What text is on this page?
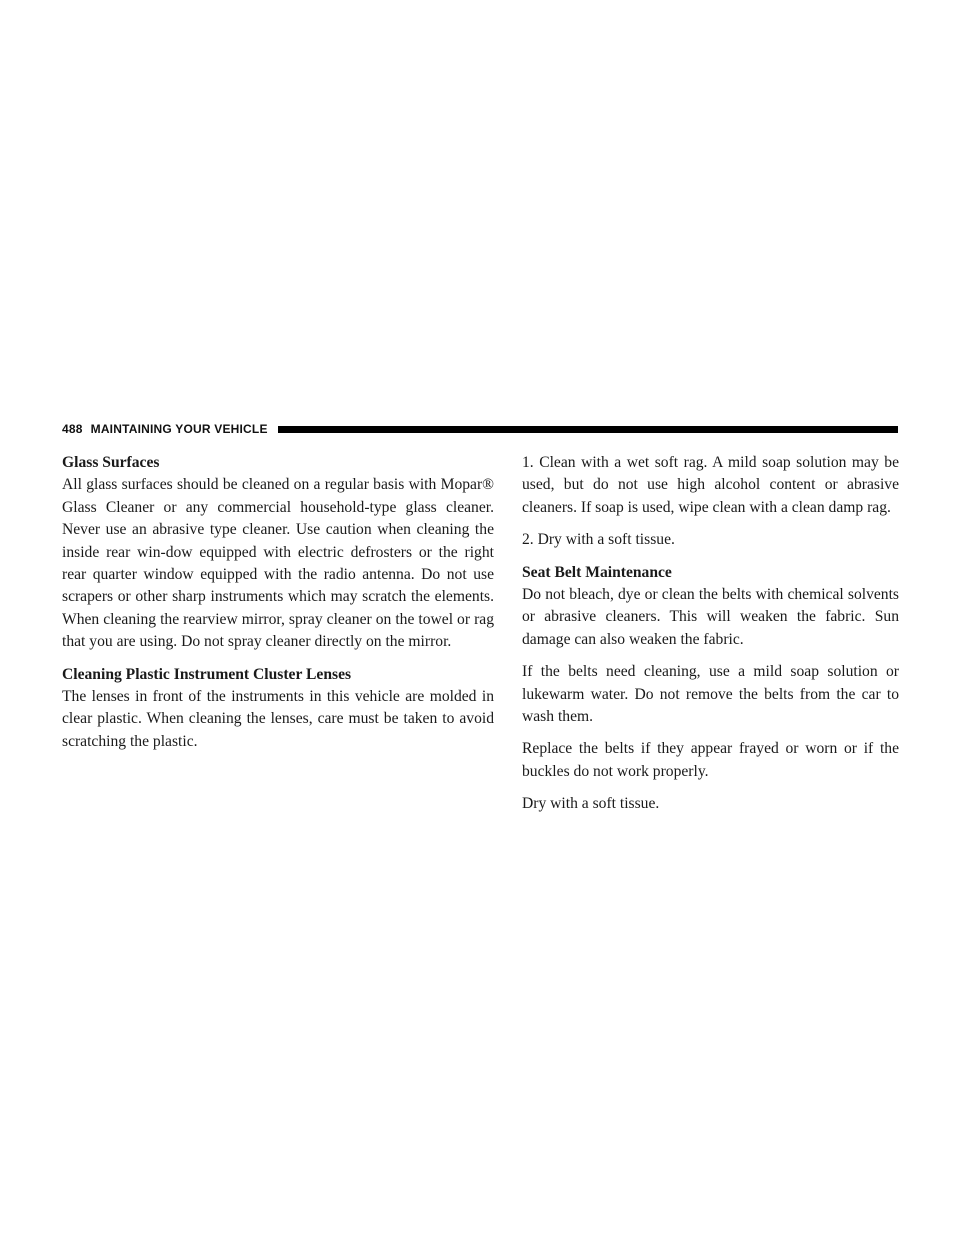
488 MAINTAINING YOUR VEHICLE

Glass Surfaces

All glass surfaces should be cleaned on a regular basis with Mopar® Glass Cleaner or any commercial household-type glass cleaner. Never use an abrasive type cleaner. Use caution when cleaning the inside rear win-dow equipped with electric defrosters or the right rear quarter window equipped with the radio antenna. Do not use scrapers or other sharp instruments which may scratch the elements. When cleaning the rearview mirror, spray cleaner on the towel or rag that you are using. Do not spray cleaner directly on the mirror.

Cleaning Plastic Instrument Cluster Lenses

The lenses in front of the instruments in this vehicle are molded in clear plastic. When cleaning the lenses, care must be taken to avoid scratching the plastic.

1. Clean with a wet soft rag. A mild soap solution may be used, but do not use high alcohol content or abrasive cleaners. If soap is used, wipe clean with a clean damp rag.

2. Dry with a soft tissue.

Seat Belt Maintenance

Do not bleach, dye or clean the belts with chemical solvents or abrasive cleaners. This will weaken the fabric. Sun damage can also weaken the fabric.

If the belts need cleaning, use a mild soap solution or lukewarm water. Do not remove the belts from the car to wash them.

Replace the belts if they appear frayed or worn or if the buckles do not work properly.

Dry with a soft tissue.
